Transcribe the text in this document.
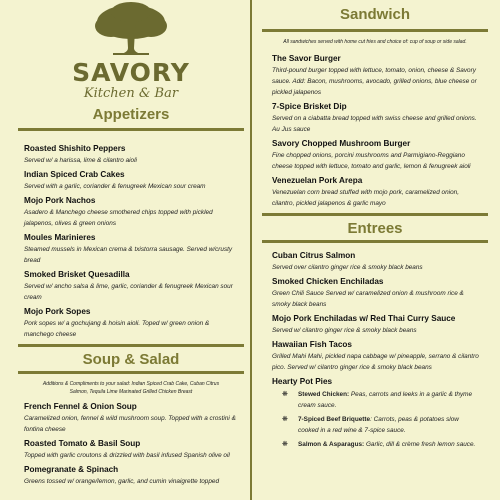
SAVORY
Kitchen & Bar
Appetizers

Roasted Shishito Peppers

Served w/ a harissa, lime & cilantro aioli

Indian Spiced Crab Cakes

Served with a garlic, coriander & fenugreek Mexican sour cream

Mojo Pork Nachos

Asadero & Manchego cheese smothered chips topped with pickled jalapenos, olives & green onions

Moules Marinieres

Steamed mussels in Mexican crema & txistorra sausage. Served w/crusty bread

Smoked Brisket Quesadilla

Served w/ ancho salsa & lime, garlic, coriander & fenugreek Mexican sour cream

Mojo Pork Sopes

Pork sopes w/ a gochujang & hoisin aioli. Toped w/ green onion & manchego cheese

Soup & Salad
Additions & Compliments to your salad: Indian Spiced Crab Cake, Cuban Citrus Salmon, Tequila Lime Marinated Grilled Chicken Breast

French Fennel & Onion Soup

Caramelized onion, fennel & wild mushroom soup. Topped with a crostini & fontina cheese

Roasted Tomato & Basil Soup

Topped with garlic croutons & drizzled with basil infused Spanish olive oil

Pomegranate & Spinach

Greens tossed w/ orange/lemon, garlic, and cumin vinaigrette topped

Sandwich
All sandwiches served with home cut fries and choice of: cup of soup or side salad.

The Savor Burger

Third-pound burger topped with lettuce, tomato, onion, cheese & Savory sauce. Add: Bacon, mushrooms, avocado, grilled onions, blue cheese or pickled jalapenos

7-Spice Brisket Dip

Served on a ciabatta bread topped with swiss cheese and grilled onions. Au Jus sauce

Savory Chopped Mushroom Burger

Fine chopped onions, porcini mushrooms and Parmigiano-Reggiano cheese topped with lettuce, tomato and garlic, lemon & fenugreek aioli

Venezuelan Pork Arepa

Venezuelan corn bread stuffed with mojo pork, caramelized onion, cilantro, pickled jalapenos & garlic mayo

Entrees

Cuban Citrus Salmon

Served over cilantro ginger rice & smoky black beans

Smoked Chicken Enchiladas

Green Chili Sauce Served w/ caramelized onion & mushroom rice & smoky black beans

Mojo Pork Enchiladas w/ Red Thai Curry Sauce

Served w/ cilantro ginger rice & smoky black beans

Hawaiian Fish Tacos

Grilled Mahi Mahi, pickled napa cabbage w/ pineapple, serrano & cilantro pico. Served w/ cilantro ginger rice & smoky black beans

Hearty Pot Pies

❋ Stewed Chicken: Peas, carrots and leeks in a garlic & thyme cream sauce.
❋ 7-Spiced Beef Briquette: Carrots, peas & potatoes slow cooked in a red wine & 7-spice sauce.
❋ Salmon & Asparagus: Garlic, dill & crème fresh lemon sauce.
